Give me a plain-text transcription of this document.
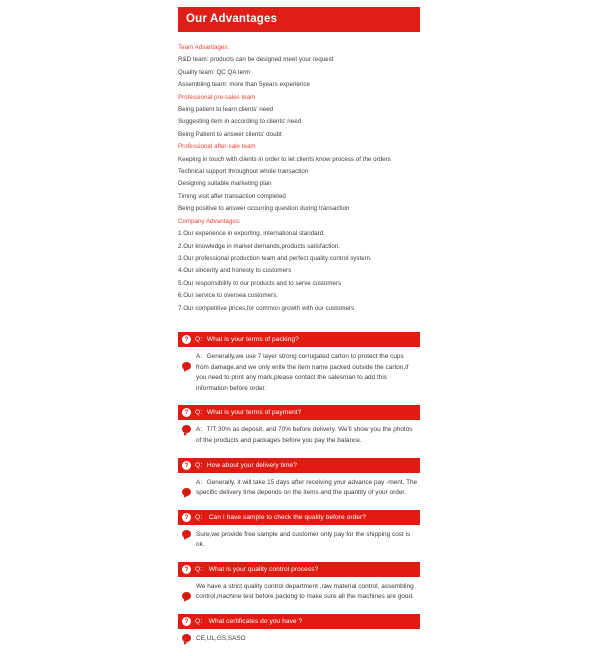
Our Advantages
Team Advantages:
R&D team: products can be designed meet your request
Quality team: QC QA term
Assembling team: more than 5years experience
Professional pre-sales team
Being patient to learn clients' need
Suggesting item in according to clients' need
Being Patient to answer clients' doubt
Professional after-sale team
Keeping in touch with clients in order to let clients know process of the orders
Technical support throughout whole transaction
Designing suitable marketing plan
Timing visit after transaction completed
Being positive to answer occurring question during transaction
Company Advantages:
1.Our experience in exporting, international standard.
2.Our knowledge in market demands,products satisfaction.
3.Our professional production team and perfect quality control system.
4.Our sincerity and honesty to customers
5.Our responsibility to our products and to serve customers
6.Our service to oversea customers.
7.Our competitive prices,for common growth with our customers
? Q：What is your terms of packing?
A：Generally,we use 7 layer strong corrugated carton to protect the cups from damage,and we only write the item name packed outside the carton,if you need to print any mark,please contact the salesman to add this information before order.
? Q：What is your terms of payment?
A：T/T 30% as deposit, and 70% before delivery. We'll show you the photos of the products and packages before you pay the balance.
? Q：How about your delivery time?
A：Generally, it will take 15 days after receiving your advance pay -ment. The specific delivery time depends on the items and the quantity of your order.
? Q： Can I have sample to check the quality before order?
Sure,we provide free sample and customer only pay for the shipping cost is ok.
? Q： What is your quality control process?
We have a strict quality control department ,raw material control, assembling control,machine test before packing to make sure all the machines are good.
? Q： What certificates do you have ?
CE,UL,GS,SASO
